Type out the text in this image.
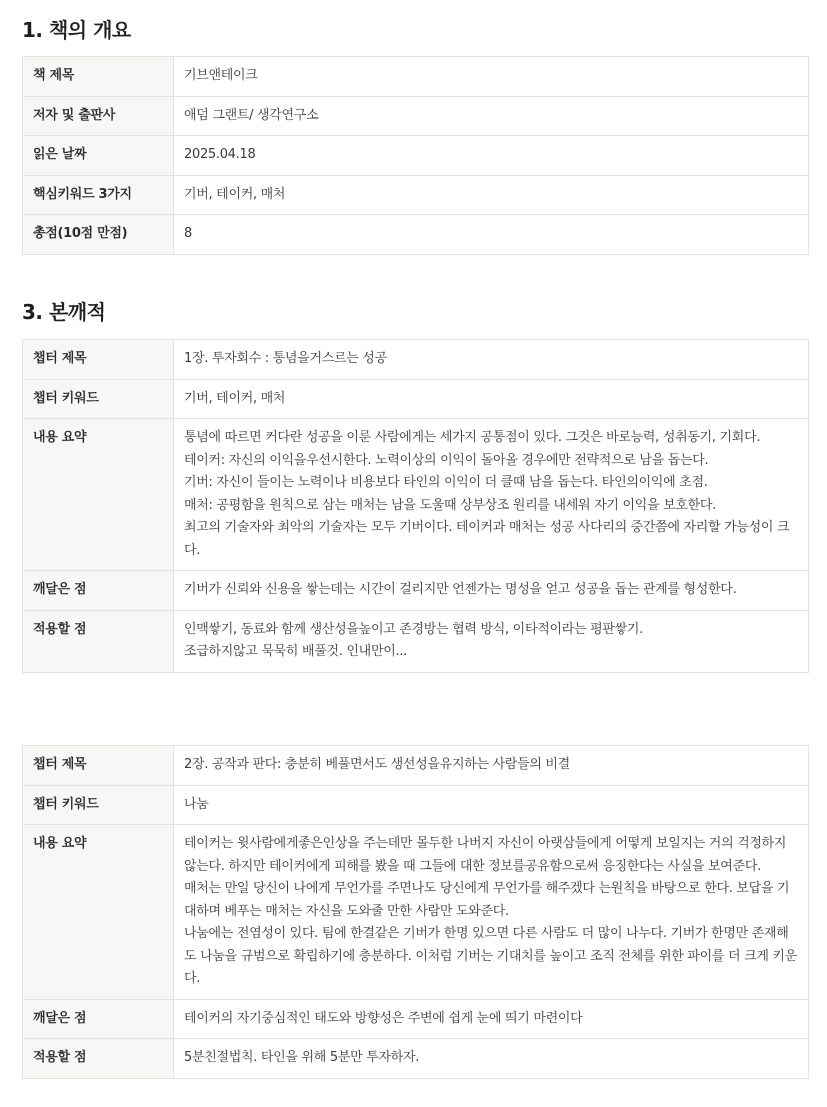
1. 책의 개요
책 제목	기브앤테이크
저자 및 출판사	애덤 그랜트/ 생각연구소
읽은 날짜	2025.04.18
핵심키워드 3가지	기버, 테이커, 매처
총점(10점 만점)	8
3. 본깨적
챕터 제목	1장. 투자회수 : 통념을거스르는 성공
챕터 키워드	기버, 테이커, 매처
내용 요약	통념에 따르면 커다란 성공을 이룬 사람에게는 세가지 공통점이 있다. 그것은 바로능력, 성취동기, 기회다.
테이커: 자신의 이익을우선시한다. 노력이상의 이익이 돌아올 경우에만 전략적으로 남을 돕는다.
기버: 자신이 들이는 노력이나 비용보다 타인의 이익이 더 클때 남을 돕는다. 타인의이익에 초점.
매처: 공평함을 원칙으로 삼는 매처는 남을 도울때 상부상조 원리를 내세워 자기 이익을 보호한다.
최고의 기술자와 최악의 기술자는 모두 기버이다. 테이커과 매처는 성공 사다리의 중간쯤에 자리할 가능성이 크다.
깨달은 점	기버가 신뢰와 신용을 쌓는데는 시간이 걸리지만 언젠가는 명성을 얻고 성공을 돕는 관계를 형성한다.
적용할 점	인맥쌓기, 동료와 함께 생산성을높이고 존경방는 협력 방식, 이타적이라는 평판쌓기.
조급하지않고 묵묵히 배풀것. 인내만이...
챕터 제목	2장. 공작과 판다: 충분히 베풀면서도 생선성을유지하는 사람들의 비결
챕터 키워드	나눔
내용 요약	테이커는 윗사람에게좋은인상을 주는데만 몰두한 나버지 자신이 아랫삼들에게 어떻게 보일지는 거의 걱정하지않는다. 하지만 테이커에게 피해를 봤을 때 그들에 대한 정보를공유함으로써 응징한다는 사실을 보여준다.
매처는 만일 당신이 나에게 무언가를 주면나도 당신에게 무언가를 해주겠다 는원칙을 바탕으로 한다. 보답을 기대하며 베푸는 매처는 자신을 도와줄 만한 사람만 도와준다.
나눔에는 전염성이 있다. 팀에 한결같은 기버가 한명 있으면 다른 사람도 더 많이 나누다. 기버가 한명만 존재해도 나눔을 규범으로 확립하기에 충분하다. 이처럼 기버는 기대치를 높이고 조직 전체를 위한 파이를 더 크게 키운다.
깨달은 점	테이커의 자기중심적인 태도와 방향성은 주변에 쉽게 눈에 띄기 마련이다
적용할 점	5분친절법칙. 타인을 위해 5분만 투자하자.
